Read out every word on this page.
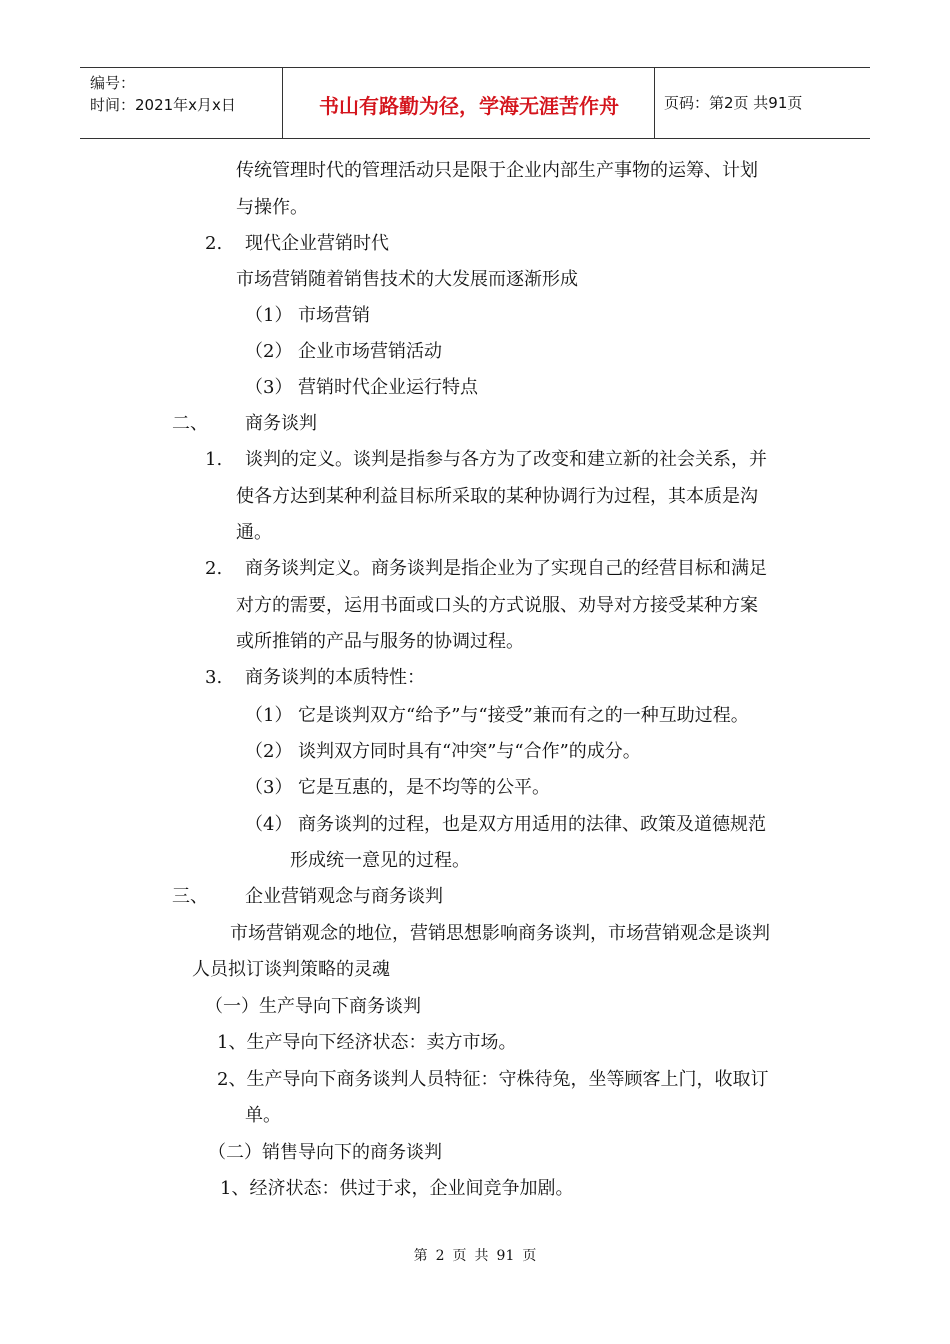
编号：
时间：2021年x月x日	书山有路勤为径，学海无涯苦作舟	页码：第2页 共91页
传统管理时代的管理活动只是限于企业内部生产事物的运筹、计划
与操作。
2. 现代企业营销时代
市场营销随着销售技术的大发展而逐渐形成
（1） 市场营销
（2） 企业市场营销活动
（3） 营销时代企业运行特点
二、 商务谈判
1. 谈判的定义。谈判是指参与各方为了改变和建立新的社会关系，并
使各方达到某种利益目标所采取的某种协调行为过程，其本质是沟
通。
2. 商务谈判定义。商务谈判是指企业为了实现自己的经营目标和满足
对方的需要，运用书面或口头的方式说服、劝导对方接受某种方案
或所推销的产品与服务的协调过程。
3. 商务谈判的本质特性：
（1） 它是谈判双方“给予”与“接受”兼而有之的一种互助过程。
（2） 谈判双方同时具有“冲突”与“合作”的成分。
（3） 它是互惠的，是不均等的公平。
（4） 商务谈判的过程，也是双方用适用的法律、政策及道德规范
形成统一意见的过程。
三、 企业营销观念与商务谈判
市场营销观念的地位，营销思想影响商务谈判，市场营销观念是谈判
人员拟订谈判策略的灵魂
（一）生产导向下商务谈判
1、生产导向下经济状态：卖方市场。
2、生产导向下商务谈判人员特征：守株待兔，坐等顾客上门，收取订
单。
（二）销售导向下的商务谈判
1、经济状态：供过于求，企业间竞争加剧。
第 2 页 共 91 页
